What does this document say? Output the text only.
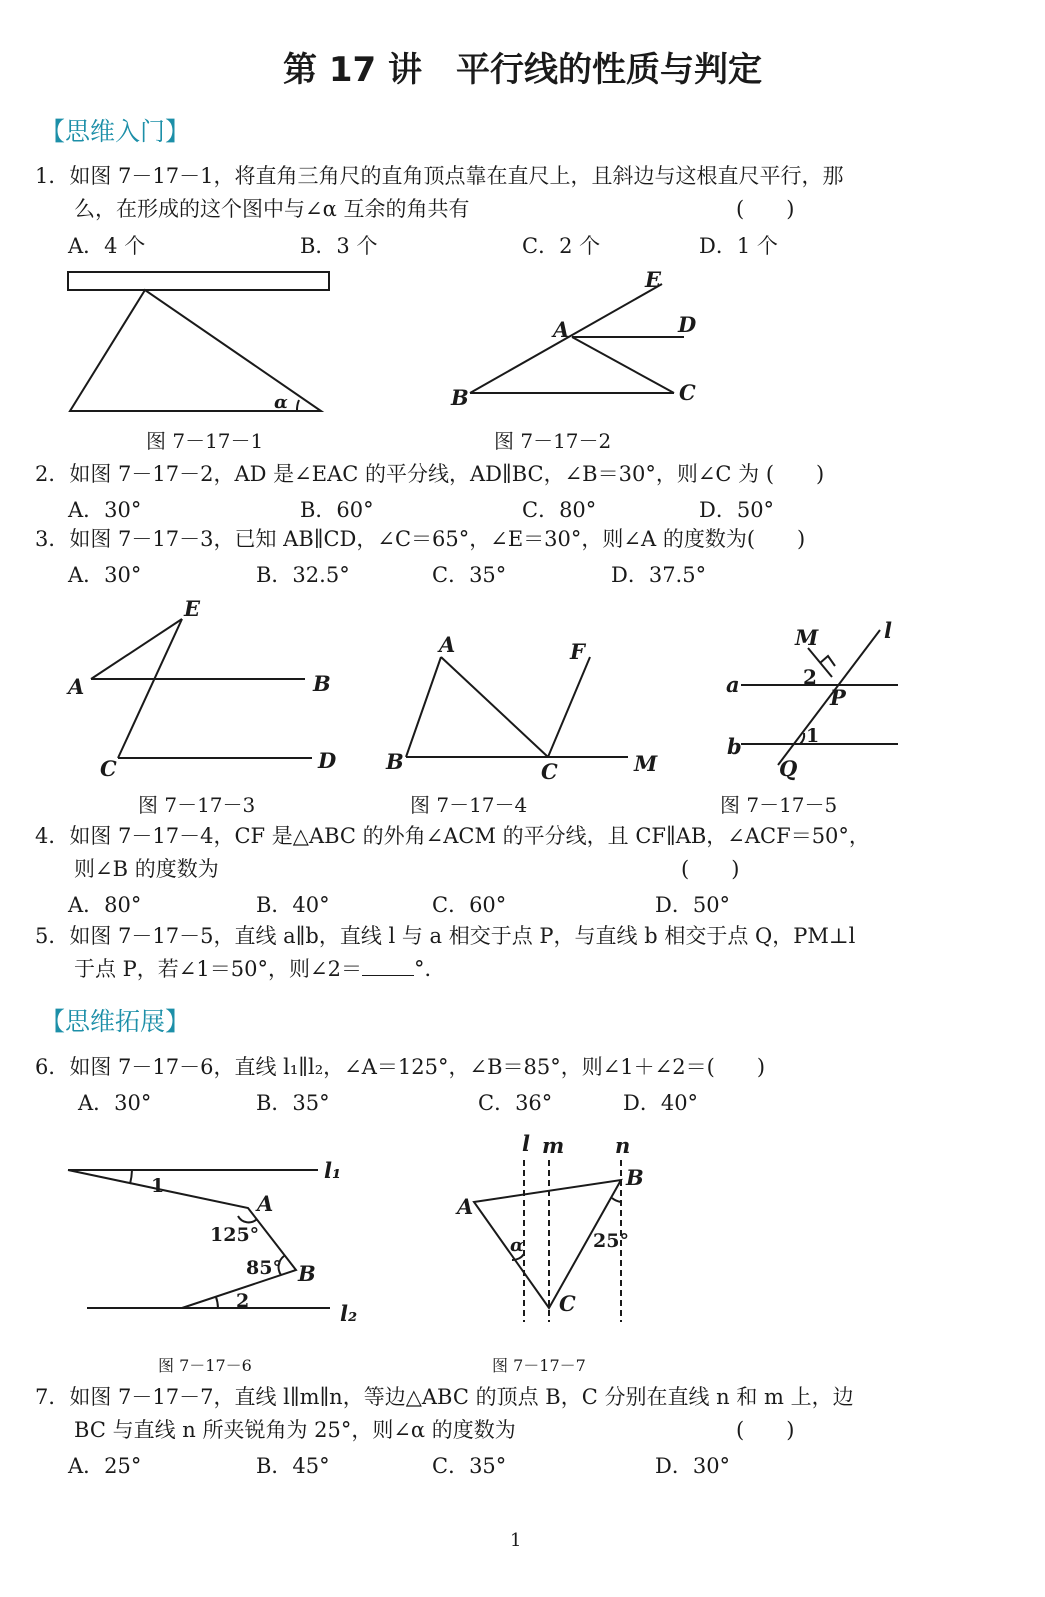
第 17 讲　平行线的性质与判定
【思维入门】
1．如图 7－17－1，将直角三角尺的直角顶点靠在直尺上，且斜边与这根直尺平行，那
么，在形成的这个图中与∠α 互余的角共有	(　　)
A．4 个	B．3 个	C．2 个	D．1 个
α
图 7－17－1
E
A	D
B	C
图 7－17－2
2．如图 7－17－2，AD 是∠EAC 的平分线，AD∥BC，∠B＝30°，则∠C 为 (　　)
A．30°	B．60°	C．80°	D．50°
3．如图 7－17－3，已知 AB∥CD，∠C＝65°，∠E＝30°，则∠A 的度数为(　　)
A．30°	B．32.5°	C．35°	D．37.5°
E
A	B
C	D
图 7－17－3
A	F
B	C	M
图 7－17－4
M	l
a	2
P
b	1
Q
图 7－17－5
4．如图 7－17－4，CF 是△ABC 的外角∠ACM 的平分线，且 CF∥AB，∠ACF＝50°，
则∠B 的度数为	(　　)
A．80°	B．40°	C．60°	D．50°
5．如图 7－17－5，直线 a∥b，直线 l 与 a 相交于点 P，与直线 b 相交于点 Q，PM⊥l
于点 P，若∠1＝50°，则∠2＝ °．
【思维拓展】
6．如图 7－17－6，直线 l₁∥l₂，∠A＝125°，∠B＝85°，则∠1＋∠2＝(　　)
A．30°	B．35°	C．36°	D．40°
l₁
1
A
125°
85° B
2	l₂
图 7－17－6
l m n
B
A
α	25°
C
图 7－17－7
7．如图 7－17－7，直线 l∥m∥n，等边△ABC 的顶点 B，C 分别在直线 n 和 m 上，边
BC 与直线 n 所夹锐角为 25°，则∠α 的度数为	(　　)
A．25°	B．45°	C．35°	D．30°
1
